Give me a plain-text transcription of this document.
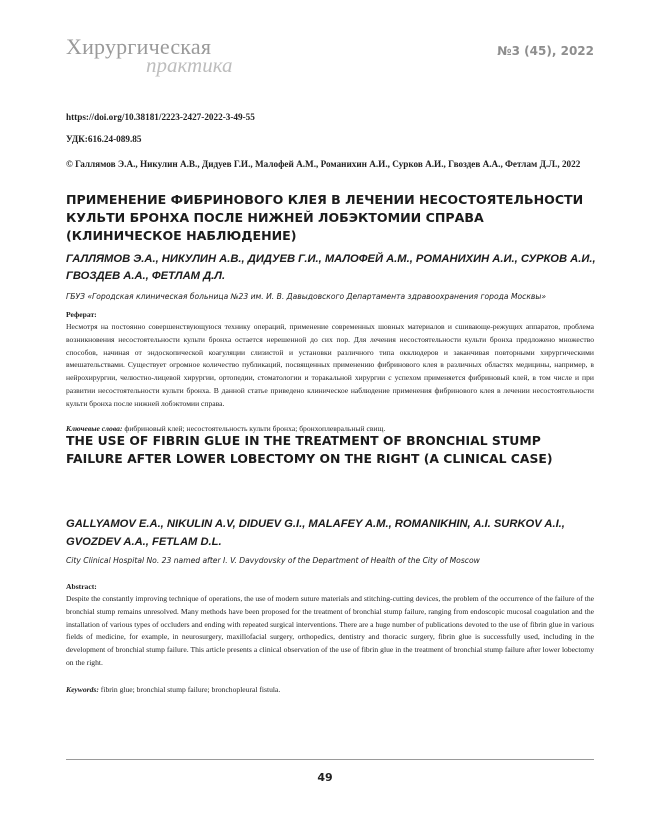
Хирургическая
практика
№3 (45), 2022
https://doi.org/10.38181/2223-2427-2022-3-49-55
УДК:616.24-089.85
© Галлямов Э.А., Никулин А.В., Дидуев Г.И., Малофей А.М., Романихин А.И., Сурков А.И., Гвоздев А.А., Фетлам Д.Л., 2022
ПРИМЕНЕНИЕ ФИБРИНОВОГО КЛЕЯ В ЛЕЧЕНИИ НЕСОСТОЯТЕЛЬНОСТИ КУЛЬТИ БРОНХА ПОСЛЕ НИЖНЕЙ ЛОБЭКТОМИИ СПРАВА (КЛИНИЧЕСКОЕ НАБЛЮДЕНИЕ)
ГАЛЛЯМОВ Э.А., НИКУЛИН А.В., ДИДУЕВ Г.И., МАЛОФЕЙ А.М., РОМАНИХИН А.И., СУРКОВ А.И., ГВОЗДЕВ А.А., ФЕТЛАМ Д.Л.
ГБУЗ «Городская клиническая больница №23 им. И. В. Давыдовского Департамента здравоохранения города Москвы»
Реферат:
Несмотря на постоянно совершенствующуюся технику операций, применение современных шовных материалов и сшивающе-режущих аппаратов, проблема возникновения несостоятельности культи бронха остается нерешенной до сих пор. Для лечения несостоятельности культи бронха предложено множество способов, начиная от эндоскопической коагуляции слизистой и установки различного типа окклюдеров и заканчивая повторными хирургическими вмешательствами. Существует огромное количество публикаций, посвященных применению фибринового клея в различных областях медицины, например, в нейрохирургии, челюстно-лицевой хирургии, ортопедии, стоматологии и торакальной хирургии с успехом применяется фибриновый клей, в том числе и при развитии несостоятельности культи бронха. В данной статье приведено клиническое наблюдение применения фибринового клея в лечении несостоятельности культи бронха после нижней лобэктомии справа.
Ключевые слова: фибриновый клей; несостоятельность культи бронха; бронхоплевральный свищ.
THE USE OF FIBRIN GLUE IN THE TREATMENT OF BRONCHIAL STUMP FAILURE AFTER LOWER LOBECTOMY ON THE RIGHT (A CLINICAL CASE)
GALLYAMOV E.A., NIKULIN A.V, DIDUEV G.I., MALAFEY A.M., ROMANIKHIN, A.I. SURKOV A.I., GVOZDEV A.A., FETLAM D.L.
City Clinical Hospital No. 23 named after I. V. Davydovsky of the Department of Health of the City of Moscow
Abstract:
Despite the constantly improving technique of operations, the use of modern suture materials and stitching-cutting devices, the problem of the occurrence of the failure of the bronchial stump remains unresolved. Many methods have been proposed for the treatment of bronchial stump failure, ranging from endoscopic mucosal coagulation and the installation of various types of occluders and ending with repeated surgical interventions. There are a huge number of publications devoted to the use of fibrin glue in various fields of medicine, for example, in neurosurgery, maxillofacial surgery, orthopedics, dentistry and thoracic surgery, fibrin glue is successfully used, including in the development of bronchial stump failure. This article presents a clinical observation of the use of fibrin glue in the treatment of bronchial stump failure after lower lobectomy on the right.
Keywords: fibrin glue; bronchial stump failure; bronchopleural fistula.
49
